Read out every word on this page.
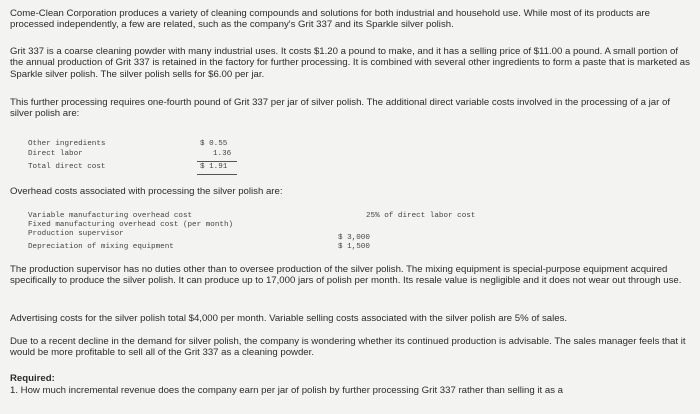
Come-Clean Corporation produces a variety of cleaning compounds and solutions for both industrial and household use. While most of its products are processed independently, a few are related, such as the company's Grit 337 and its Sparkle silver polish.

Grit 337 is a coarse cleaning powder with many industrial uses. It costs $1.20 a pound to make, and it has a selling price of $11.00 a pound. A small portion of the annual production of Grit 337 is retained in the factory for further processing. It is combined with several other ingredients to form a paste that is marketed as Sparkle silver polish. The silver polish sells for $6.00 per jar.

This further processing requires one-fourth pound of Grit 337 per jar of silver polish. The additional direct variable costs involved in the processing of a jar of silver polish are:

Other ingredients	$ 0.55
Direct labor	1.36
Total direct cost	$ 1.91

Overhead costs associated with processing the silver polish are:

Variable manufacturing overhead cost	25% of direct labor cost
Fixed manufacturing overhead cost (per month)
Production supervisor	$ 3,000
Depreciation of mixing equipment	$ 1,500

The production supervisor has no duties other than to oversee production of the silver polish. The mixing equipment is special-purpose equipment acquired specifically to produce the silver polish. It can produce up to 17,000 jars of polish per month. Its resale value is negligible and it does not wear out through use.

Advertising costs for the silver polish total $4,000 per month. Variable selling costs associated with the silver polish are 5% of sales.

Due to a recent decline in the demand for silver polish, the company is wondering whether its continued production is advisable. The sales manager feels that it would be more profitable to sell all of the Grit 337 as a cleaning powder.

Required:

1. How much incremental revenue does the company earn per jar of polish by further processing Grit 337 rather than selling it as a
